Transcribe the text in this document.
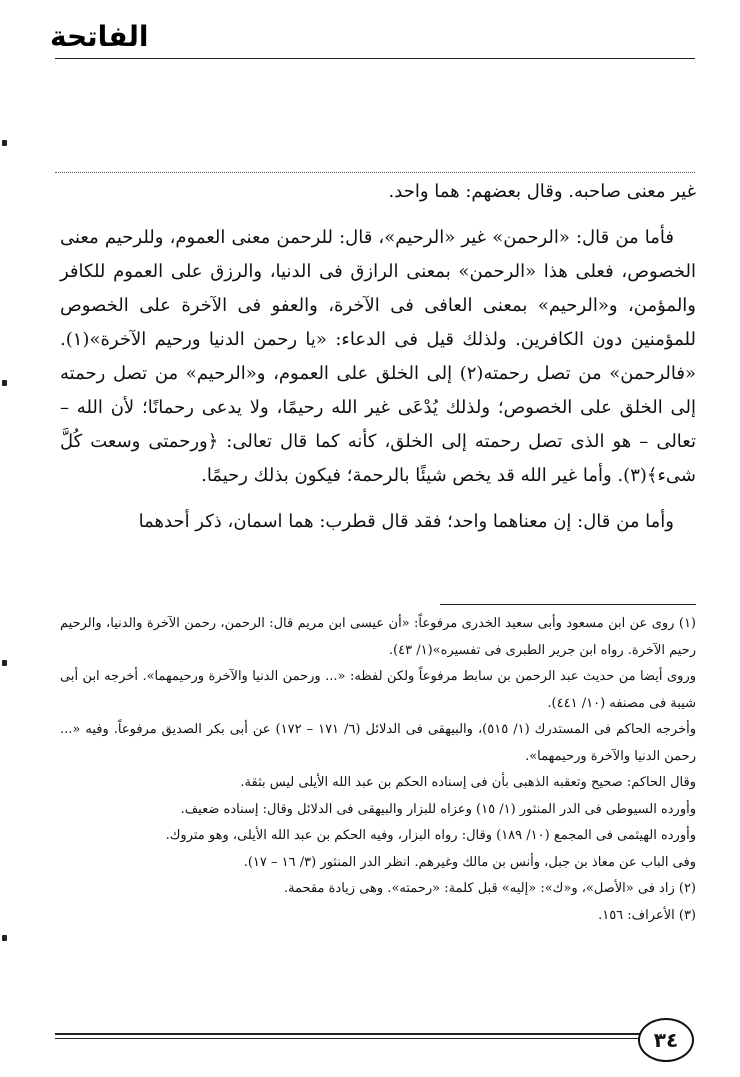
الفاتحة

غير معنى صاحبه. وقال بعضهم: هما واحد.

فأما من قال: «الرحمن» غير «الرحيم»، قال: للرحمن معنى العموم، وللرحيم معنى الخصوص، فعلى هذا «الرحمن» بمعنى الرازق فى الدنيا، والرزق على العموم للكافر والمؤمن، و«الرحيم» بمعنى العافى فى الآخرة، والعفو فى الآخرة على الخصوص للمؤمنين دون الكافرين. ولذلك قيل فى الدعاء: «يا رحمن الدنيا ورحيم الآخرة»(١). «فالرحمن» من تصل رحمته(٢) إلى الخلق على العموم، و«الرحيم» من تصل رحمته إلى الخلق على الخصوص؛ ولذلك يُدْعَى غير الله رحيمًا، ولا يدعى رحمانًا؛ لأن الله – تعالى – هو الذى تصل رحمته إلى الخلق، كأنه كما قال تعالى: ﴿ورحمتى وسعت كُلَّ شىء﴾(٣). وأما غير الله قد يخص شيئًا بالرحمة؛ فيكون بذلك رحيمًا.

وأما من قال: إن معناهما واحد؛ فقد قال قطرب: هما اسمان، ذكر أحدهما

(١) روى عن ابن مسعود وأبى سعيد الخدرى مرفوعاً: «أن عيسى ابن مريم قال: الرحمن، رحمن الآخرة والدنيا، والرحيم رحيم الآخرة. رواه ابن جرير الطبرى فى تفسيره»(١/ ٤٣).
وروى أيضا من حديث عبد الرحمن بن سابط مرفوعاً ولكن لفظه: «... ورحمن الدنيا والآخرة ورحيمهما». أخرجه ابن أبى شيبة فى مصنفه (١٠/ ٤٤١).
وأخرجه الحاكم فى المستدرك (١/ ٥١٥)، والبيهقى فى الدلائل (٦/ ١٧١ – ١٧٢) عن أبى بكر الصديق مرفوعاً. وفيه «... رحمن الدنيا والآخرة ورحيمهما».
وقال الحاكم: صحيح وتعقبه الذهبى بأن فى إسناده الحكم بن عبد الله الأيلى ليس بثقة.
وأورده السيوطى فى الدر المنثور (١/ ١٥) وعزاه للبزار والبيهقى فى الدلائل وقال: إسناده ضعيف.
وأورده الهيثمى فى المجمع (١٠/ ١٨٩) وقال: رواه البزار، وفيه الحكم بن عبد الله الأيلى، وهو متروك.
وفى الباب عن معاذ بن جبل، وأنس بن مالك وغيرهم. انظر الدر المنثور (٣/ ١٦ – ١٧).
(٢) زاد فى «الأصل»، و«ك»: «إليه» قبل كلمة: «رحمته». وهى زيادة مقحمة.
(٣) الأعراف: ١٥٦.
٣٤
